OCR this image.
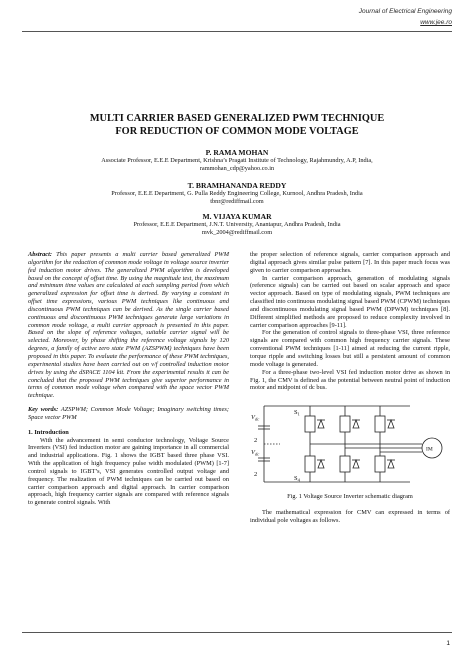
Journal of Electrical Engineering
www.jee.ro
MULTI CARRIER BASED GENERALIZED PWM TECHNIQUE
FOR REDUCTION OF COMMON MODE VOLTAGE
P. RAMA MOHAN
Associate Professor, E.E.E Department, Krishna’s Pragati Institute of Technology, Rajahmundry, A.P, India,
rammohan_cdp@yahoo.co.in
T. BRAMHANANDA REDDY
Professor, E.E.E Department, G. Pulla Reddy Engineering College, Kurnool, Andhra Pradesh, India
tbnr@rediffmail.com
M. VIJAYA KUMAR
Professor, E.E.E Department, J.N.T. University, Anantapur, Andhra Pradesh, India
mvk_2004@rediffmail.com

Abstract: This paper presents a multi carrier based generalized PWM algorithm for the reduction of common mode voltage in voltage source inverter fed induction motor drives. The generalized PWM algorithm is developed based on the concept of offset time. By using the magnitude test, the maximum and minimum time values are calculated at each sampling period from which generalized expression for offset time is derived. By varying a constant in offset time expressions, various PWM techniques like continuous and discontinuous PWM techniques can be derived. As the single carrier based continuous and discontinuous PWM techniques generate large variations in common mode voltage, a multi carrier approach is presented in this paper. Based on the slope of reference voltages, suitable carrier signal will be selected. Moreover, by phase shifting the reference voltage signals by 120 degrees, a family of active zero state PWM (AZSPWM) techniques have been proposed in this paper. To evaluate the performance of these PWM techniques, experimental studies have been carried out on v/f controlled induction motor drives by using the dSPACE 1104 kit. From the experimental results it can be concluded that the proposed PWM techniques give superior performance in terms of common mode voltage when compared with the space vector PWM technique.

Key words: AZSPWM; Common Mode Voltage; Imaginary switching times; Space vector PWM

1. Introduction

With the advancement in semi conductor technology, Voltage Source Inverters (VSI) fed induction motor are gaining importance in all commercial and industrial applications. Fig. 1 shows the IGBT based three phase VSI. With the application of high frequency pulse width modulated (PWM) [1-7] control signals to IGBT’s, VSI generates controlled output voltage and frequency. The realization of PWM techniques can be carried out based on carrier comparison approach and digital approach. In carrier comparison approach, high frequency carrier signals are compared with reference signals to generate control signals. With

the proper selection of reference signals, carrier comparison approach and digital approach gives similar pulse pattern [7]. In this paper much focus was given to carrier comparison approaches.

In carrier comparison approach, generation of modulating signals (reference signals) can be carried out based on scalar approach and space vector approach. Based on type of modulating signals, PWM techniques are classified into continuous modulating signal based PWM (CPWM) techniques and discontinuous modulating signal based PWM (DPWM) techniques [8]. Different simplified methods are proposed to reduce complexity involved in carrier comparison approaches [9-11].

For the generation of control signals to three-phase VSI, three reference signals are compared with common high frequency carrier signals. These conventional PWM techniques [1-11] aimed at reducing the current ripple, torque ripple and switching losses but still a persistent amount of common mode voltage is generated.

For a three-phase two-level VSI fed induction motor drive as shown in Fig. 1, the CMV is defined as the potential between neutral point of induction motor and midpoint of dc bus.

$V_{dc}$
2
$V_{dc}$
2
$S_1$
$S_4$
IM

Fig. 1 Voltage Source Inverter schematic diagram

The mathematical expression for CMV can expressed in terms of individual pole voltages as follows.

1
